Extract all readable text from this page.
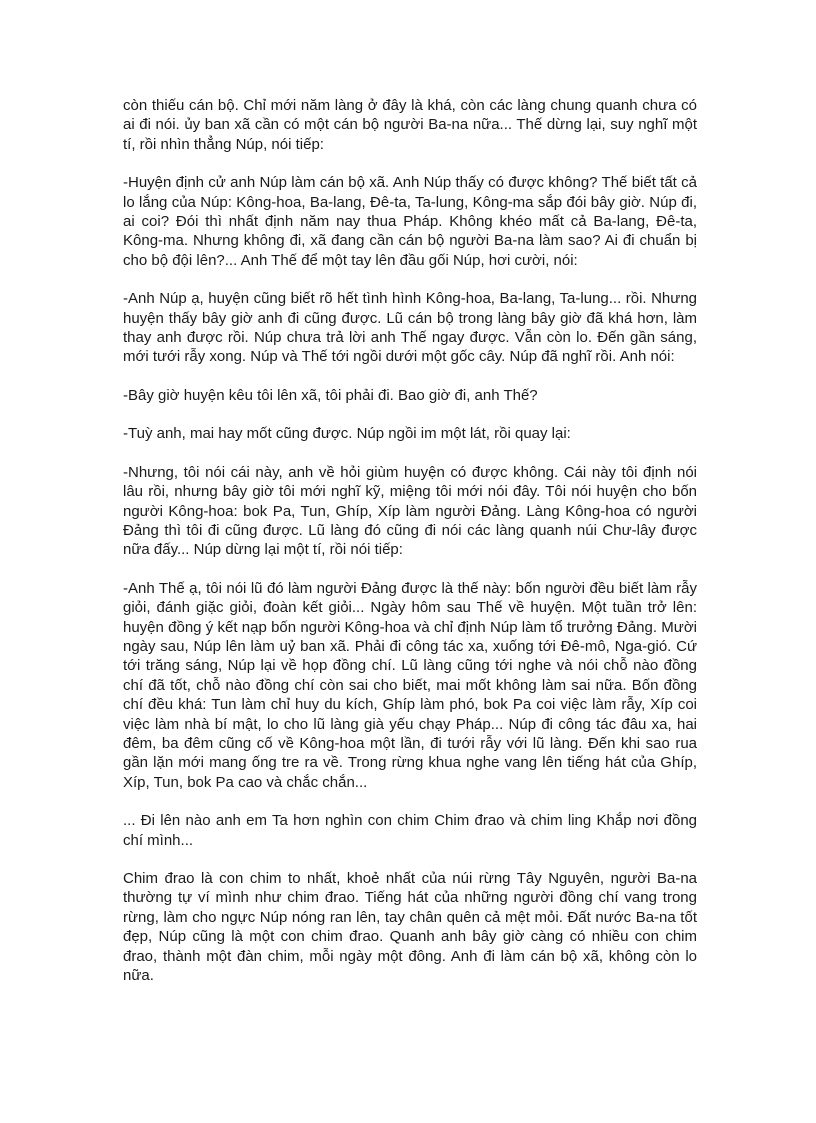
còn thiếu cán bộ. Chỉ mới năm làng ở đây là khá, còn các làng chung quanh chưa có ai đi nói. ủy ban xã cần có một cán bộ người Ba-na nữa... Thế dừng lại, suy nghĩ một tí, rồi nhìn thẳng Núp, nói tiếp:

-Huyện định cử anh Núp làm cán bộ xã. Anh Núp thấy có được không? Thế biết tất cả lo lắng của Núp: Kông-hoa, Ba-lang, Đê-ta, Ta-lung, Kông-ma sắp đói bây giờ. Núp đi, ai coi? Đói thì nhất định năm nay thua Pháp. Không khéo mất cả Ba-lang, Đê-ta, Kông-ma. Nhưng không đi, xã đang cần cán bộ người Ba-na làm sao? Ai đi chuẩn bị cho bộ đội lên?... Anh Thế để một tay lên đầu gối Núp, hơi cười, nói:

-Anh Núp ạ, huyện cũng biết rõ hết tình hình Kông-hoa, Ba-lang, Ta-lung... rồi. Nhưng huyện thấy bây giờ anh đi cũng được. Lũ cán bộ trong làng bây giờ đã khá hơn, làm thay anh được rồi. Núp chưa trả lời anh Thế ngay được. Vẫn còn lo. Đến gần sáng, mới tưới rẫy xong. Núp và Thế tới ngồi dưới một gốc cây. Núp đã nghĩ rồi. Anh nói:

-Bây giờ huyện kêu tôi lên xã, tôi phải đi. Bao giờ đi, anh Thế?

-Tuỳ anh, mai hay mốt cũng được. Núp ngồi im một lát, rồi quay lại:

-Nhưng, tôi nói cái này, anh về hỏi giùm huyện có được không. Cái này tôi định nói lâu rồi, nhưng bây giờ tôi mới nghĩ kỹ, miệng tôi mới nói đây. Tôi nói huyện cho bốn người Kông-hoa: bok Pa, Tun, Ghíp, Xíp làm người Đảng. Làng Kông-hoa có người Đảng thì tôi đi cũng được. Lũ làng đó cũng đi nói các làng quanh núi Chư-lây được nữa đấy... Núp dừng lại một tí, rồi nói tiếp:

-Anh Thế ạ, tôi nói lũ đó làm người Đảng được là thế này: bốn người đều biết làm rẫy giỏi, đánh giặc giỏi, đoàn kết giỏi... Ngày hôm sau Thế về huyện. Một tuần trở lên: huyện đồng ý kết nạp bốn người Kông-hoa và chỉ định Núp làm tổ trưởng Đảng. Mười ngày sau, Núp lên làm uỷ ban xã. Phải đi công tác xa, xuống tới Đê-mô, Nga-gió. Cứ tới trăng sáng, Núp lại về họp đồng chí. Lũ làng cũng tới nghe và nói chỗ nào đồng chí đã tốt, chỗ nào đồng chí còn sai cho biết, mai mốt không làm sai nữa. Bốn đồng chí đều khá: Tun làm chỉ huy du kích, Ghíp làm phó, bok Pa coi việc làm rẫy, Xíp coi việc làm nhà bí mật, lo cho lũ làng già yếu chạy Pháp... Núp đi công tác đâu xa, hai đêm, ba đêm cũng cố về Kông-hoa một lần, đi tưới rẫy với lũ làng. Đến khi sao rua gần lặn mới mang ống tre ra về. Trong rừng khua nghe vang lên tiếng hát của Ghíp, Xíp, Tun, bok Pa cao và chắc chắn...

... Đi lên nào anh em Ta hơn nghìn con chim Chim đrao và chim ling Khắp nơi đồng chí mình...

Chim đrao là con chim to nhất, khoẻ nhất của núi rừng Tây Nguyên, người Ba-na thường tự ví mình như chim đrao. Tiếng hát của những người đồng chí vang trong rừng, làm cho ngực Núp nóng ran lên, tay chân quên cả mệt mỏi. Đất nước Ba-na tốt đẹp, Núp cũng là một con chim đrao. Quanh anh bây giờ càng có nhiều con chim đrao, thành một đàn chim, mỗi ngày một đông. Anh đi làm cán bộ xã, không còn lo nữa.
